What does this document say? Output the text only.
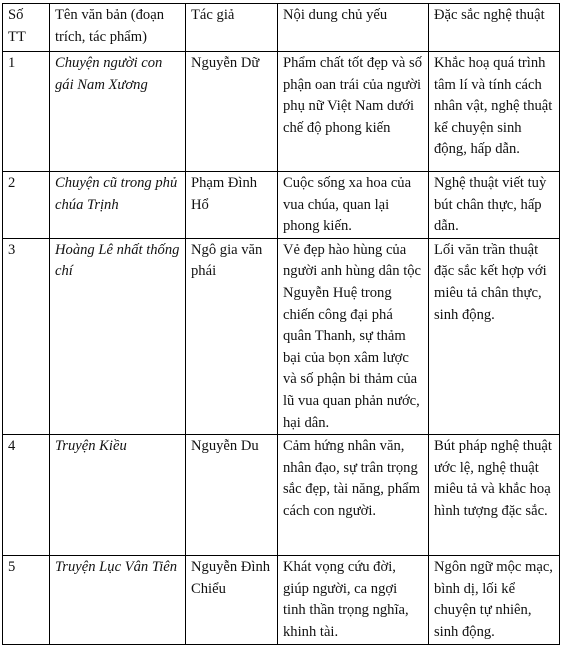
Số TT	Tên văn bản (đoạn trích, tác phẩm)	Tác giả	Nội dung chủ yếu	Đặc sắc nghệ thuật
1	Chuyện người con gái Nam Xương	Nguyễn Dữ	Phẩm chất tốt đẹp và số phận oan trái của người phụ nữ Việt Nam dưới chế độ phong kiến	Khắc hoạ quá trình tâm lí và tính cách nhân vật, nghệ thuật kể chuyện sinh động, hấp dẫn.
2	Chuyện cũ trong phủ chúa Trịnh	Phạm Đình Hổ	Cuộc sống xa hoa của vua chúa, quan lại phong kiến.	Nghệ thuật viết tuỳ bút chân thực, hấp dẫn.
3	Hoàng Lê nhất thống chí	Ngô gia văn phái	Vẻ đẹp hào hùng của người anh hùng dân tộc Nguyễn Huệ trong chiến công đại phá quân Thanh, sự thảm bại của bọn xâm lược và số phận bi thảm của lũ vua quan phản nước, hại dân.	Lối văn trần thuật đặc sắc kết hợp với miêu tả chân thực, sinh động.
4	Truyện Kiều	Nguyễn Du	Cảm hứng nhân văn, nhân đạo, sự trân trọng sắc đẹp, tài năng, phẩm cách con người.	Bút pháp nghệ thuật ước lệ, nghệ thuật miêu tả và khắc hoạ hình tượng đặc sắc.
5	Truyện Lục Vân Tiên	Nguyễn Đình Chiểu	Khát vọng cứu đời, giúp người, ca ngợi tinh thần trọng nghĩa, khinh tài.	Ngôn ngữ mộc mạc, bình dị, lối kể chuyện tự nhiên, sinh động.
